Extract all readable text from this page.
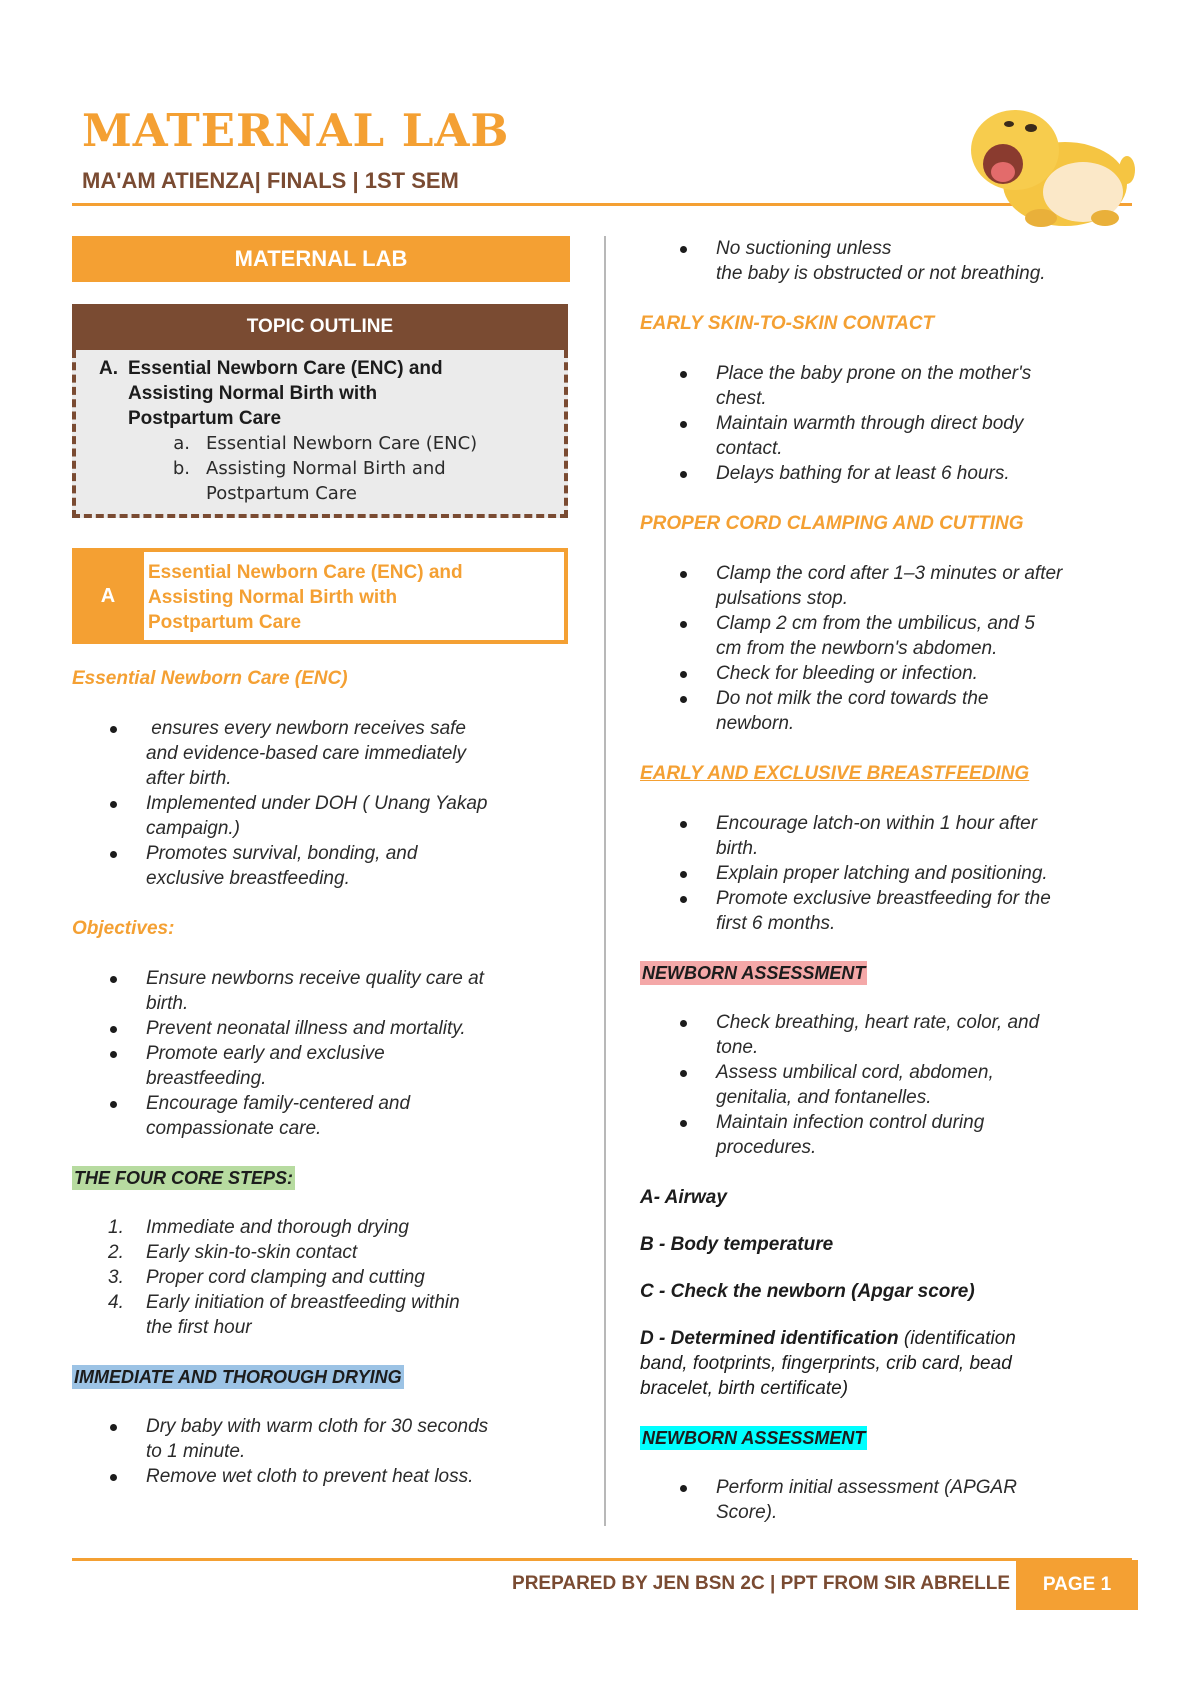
MATERNAL LAB
MA'AM ATIENZA| FINALS | 1ST SEM
MATERNAL LAB
TOPIC OUTLINE
A. Essential Newborn Care (ENC) and
Assisting Normal Birth with
Postpartum Care
a. Essential Newborn Care (ENC)
b. Assisting Normal Birth and
Postpartum Care
A
Essential Newborn Care (ENC) and
Assisting Normal Birth with
Postpartum Care
Essential Newborn Care (ENC)
ensures every newborn receives safe
and evidence-based care immediately
after birth.
Implemented under DOH ( Unang Yakap
campaign.)
Promotes survival, bonding, and
exclusive breastfeeding.
Objectives:
Ensure newborns receive quality care at
birth.
Prevent neonatal illness and mortality.
Promote early and exclusive
breastfeeding.
Encourage family-centered and
compassionate care.
THE FOUR CORE STEPS:
1. Immediate and thorough drying
2. Early skin-to-skin contact
3. Proper cord clamping and cutting
4. Early initiation of breastfeeding within
the first hour
IMMEDIATE AND THOROUGH DRYING
Dry baby with warm cloth for 30 seconds
to 1 minute.
Remove wet cloth to prevent heat loss.
No suctioning unless
the baby is obstructed or not breathing.
EARLY SKIN-TO-SKIN CONTACT
Place the baby prone on the mother's
chest.
Maintain warmth through direct body
contact.
Delays bathing for at least 6 hours.
PROPER CORD CLAMPING AND CUTTING
Clamp the cord after 1–3 minutes or after
pulsations stop.
Clamp 2 cm from the umbilicus, and 5
cm from the newborn's abdomen.
Check for bleeding or infection.
Do not milk the cord towards the
newborn.
EARLY AND EXCLUSIVE BREASTFEEDING
Encourage latch-on within 1 hour after
birth.
Explain proper latching and positioning.
Promote exclusive breastfeeding for the
first 6 months.
NEWBORN ASSESSMENT
Check breathing, heart rate, color, and
tone.
Assess umbilical cord, abdomen,
genitalia, and fontanelles.
Maintain infection control during
procedures.
A- Airway
B - Body temperature
C - Check the newborn (Apgar score)
D - Determined identification (identification
band, footprints, fingerprints, crib card, bead
bracelet, birth certificate)
NEWBORN ASSESSMENT
Perform initial assessment (APGAR
Score).
PREPARED BY JEN BSN 2C | PPT FROM SIR ABRELLE	PAGE 1
